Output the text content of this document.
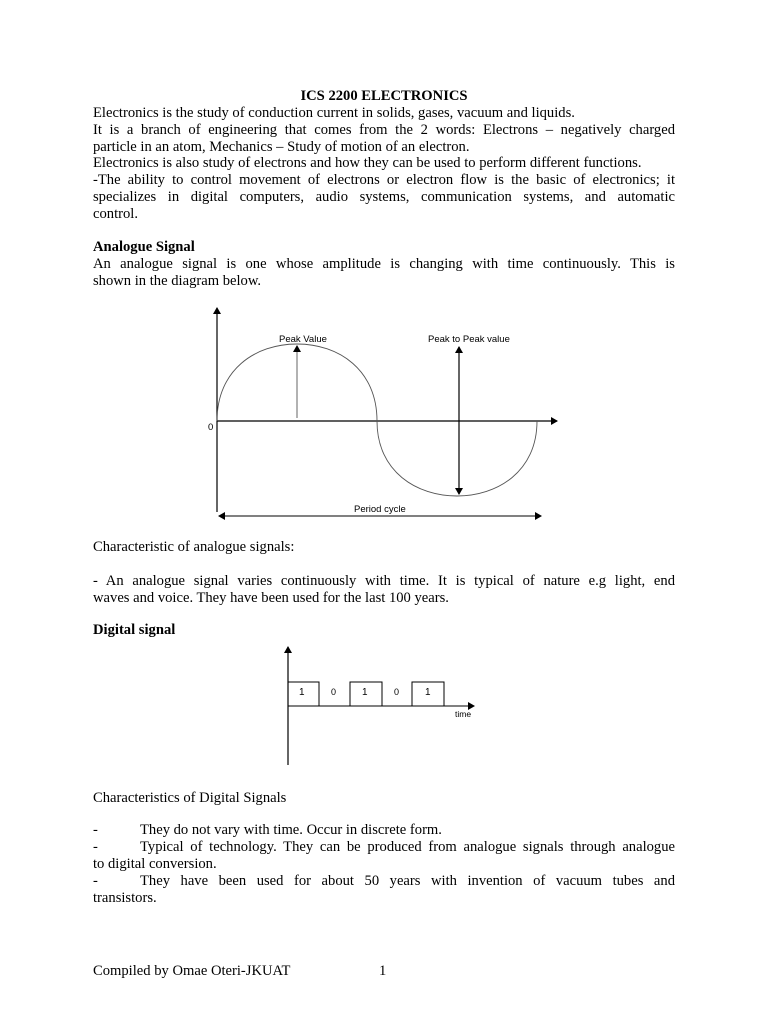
ICS 2200 ELECTRONICS
Electronics is the study of conduction current in solids, gases, vacuum and liquids.
It is a branch of engineering that comes from the 2 words: Electrons – negatively charged
particle in an atom, Mechanics – Study of motion of an electron.
Electronics is also study of electrons and how they can be used to perform different functions.
-The ability to control movement of electrons or electron flow is the basic of electronics; it
specializes in digital computers, audio systems, communication systems, and automatic
control.
Analogue Signal
An analogue signal is one whose amplitude is changing with time continuously. This is
shown in the diagram below.
Peak Value	Peak to Peak value
0
Period cycle
Characteristic of analogue signals:
- An analogue signal varies continuously with time. It is typical of nature e.g light, end
waves and voice. They have been used for the last 100 years.
Digital signal
1	0	1	0	1
time
Characteristics of Digital Signals
-	They do not vary with time. Occur in discrete form.
-	Typical of technology. They can be produced from analogue signals through analogue
to digital conversion.
-	They have been used for about 50 years with invention of vacuum tubes and
transistors.
Compiled by Omae Oteri-JKUAT	1
